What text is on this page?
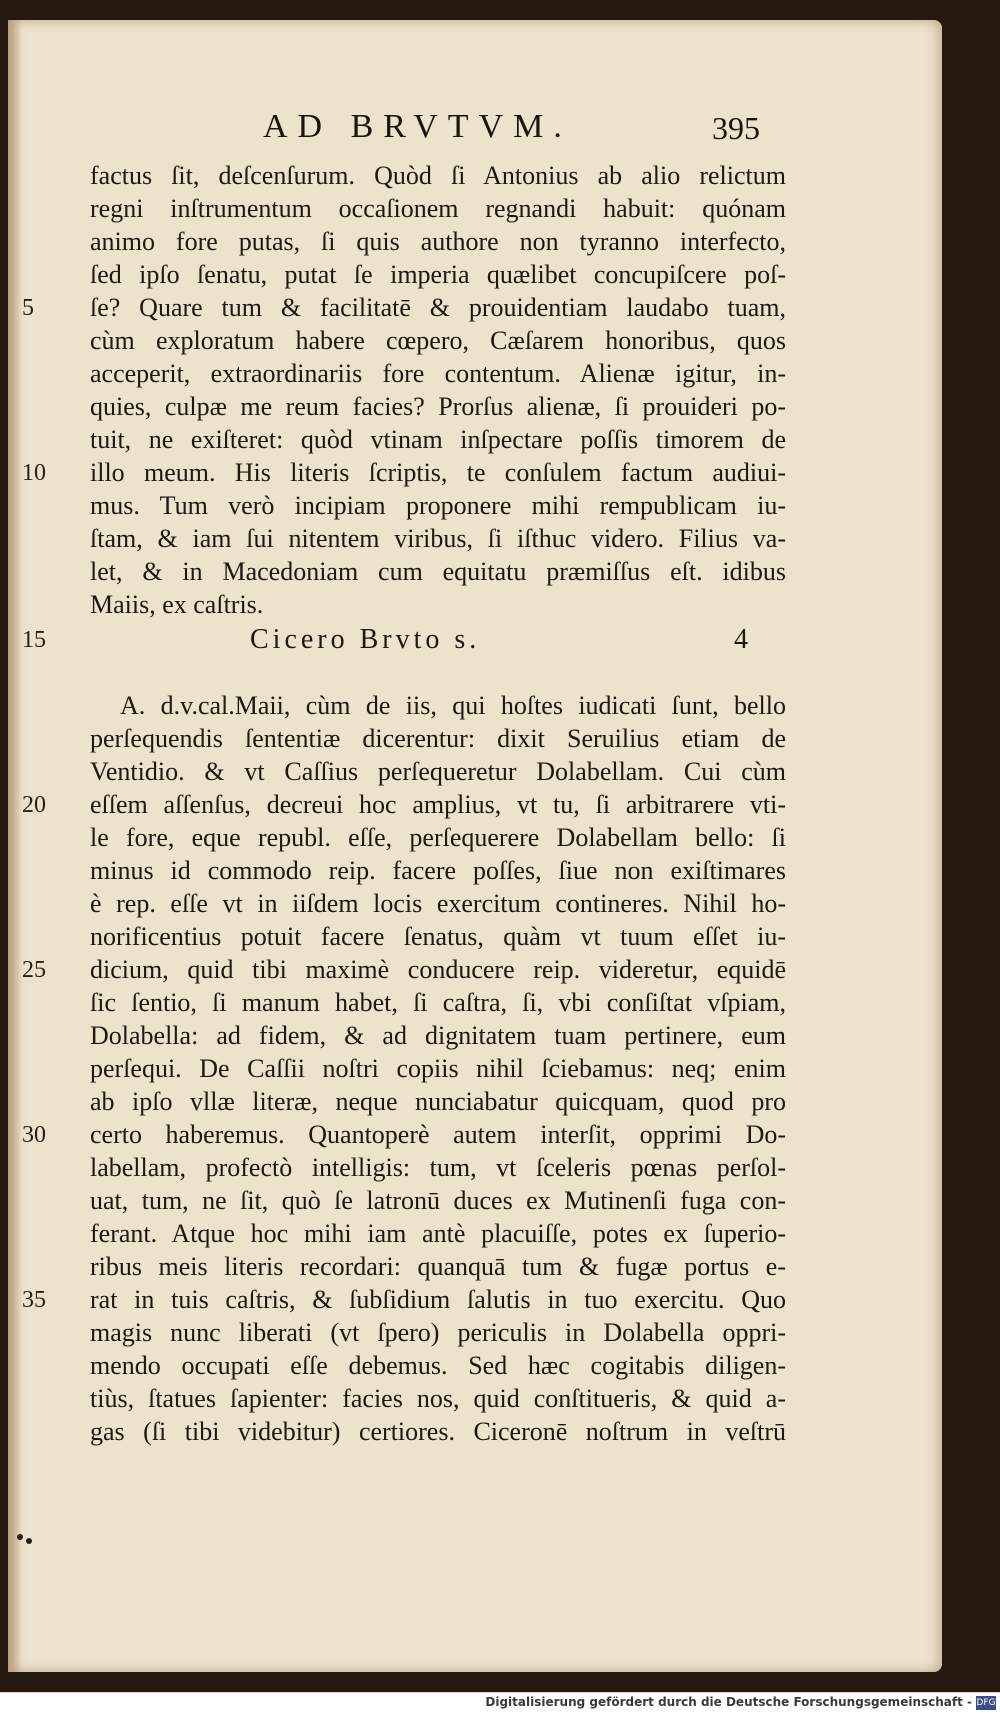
AD BRVTVM.	395
factus ſit, deſcenſurum. Quòd ſi Antonius ab alio relictum
regni inſtrumentum occaſionem regnandi habuit: quónam
animo fore putas, ſi quis authore non tyranno interfecto,
ſed ipſo ſenatu, putat ſe imperia quælibet concupiſcere poſ-
5	ſe? Quare tum & facilitatē & prouidentiam laudabo tuam,
cùm exploratum habere cœpero, Cæſarem honoribus, quos
acceperit, extraordinariis fore contentum. Alienæ igitur, in-
quies, culpæ me reum facies? Prorſus alienæ, ſi prouideri po-
tuit, ne exiſteret: quòd vtinam inſpectare poſſis timorem de
10	illo meum. His literis ſcriptis, te conſulem factum audiui-
mus. Tum verò incipiam proponere mihi rempublicam iu-
ſtam, & iam ſui nitentem viribus, ſi iſthuc videro. Filius va-
let, & in Macedoniam cum equitatu præmiſſus eſt. idibus
Maiis, ex caſtris.
15	Cicero Brvto s.	4
A. d.v.cal.Maii, cùm de iis, qui hoſtes iudicati ſunt, bello
perſequendis ſententiæ dicerentur: dixit Seruilius etiam de
Ventidio. & vt Caſſius perſequeretur Dolabellam. Cui cùm
20	eſſem aſſenſus, decreui hoc amplius, vt tu, ſi arbitrarere vti-
le fore, eque republ. eſſe, perſequerere Dolabellam bello: ſi
minus id commodo reip. facere poſſes, ſiue non exiſtimares
è rep. eſſe vt in iiſdem locis exercitum contineres. Nihil ho-
norificentius potuit facere ſenatus, quàm vt tuum eſſet iu-
25	dicium, quid tibi maximè conducere reip. videretur, equidē
ſic ſentio, ſi manum habet, ſi caſtra, ſi, vbi conſiſtat vſpiam,
Dolabella: ad fidem, & ad dignitatem tuam pertinere, eum
perſequi. De Caſſii noſtri copiis nihil ſciebamus: neq; enim
ab ipſo vllæ literæ, neque nunciabatur quicquam, quod pro
30	certo haberemus. Quantoperè autem interſit, opprimi Do-
labellam, profectò intelligis: tum, vt ſceleris pœnas perſol-
uat, tum, ne ſit, quò ſe latronū duces ex Mutinenſi fuga con-
ferant. Atque hoc mihi iam antè placuiſſe, potes ex ſuperio-
ribus meis literis recordari: quanquā tum & fugæ portus e-
35	rat in tuis caſtris, & ſubſidium ſalutis in tuo exercitu. Quo
magis nunc liberati (vt ſpero) periculis in Dolabella oppri-
mendo occupati eſſe debemus. Sed hæc cogitabis diligen-
tiùs, ſtatues ſapienter: facies nos, quid conſtitueris, & quid a-
gas (ſi tibi videbitur) certiores. Ciceronē noſtrum in veſtrū
Digitalisierung gefördert durch die Deutsche Forschungsgemeinschaft - DFG
